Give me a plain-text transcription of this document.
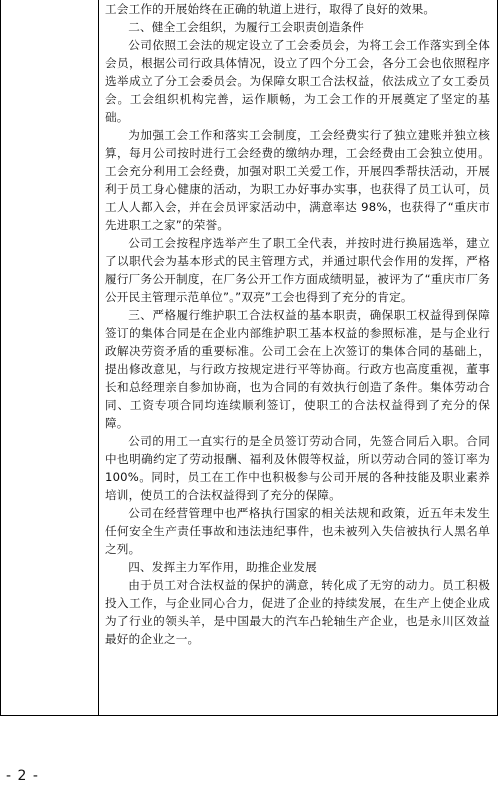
工会工作的开展始终在正确的轨道上进行，取得了良好的效果。

二、健全工会组织，为履行工会职责创造条件

公司依照工会法的规定设立了工会委员会，为将工会工作落实到全体会员，根据公司行政具体情况，设立了四个分工会，各分工会也依照程序选举成立了分工会委员会。为保障女职工合法权益，依法成立了女工委员会。工会组织机构完善，运作顺畅，为工会工作的开展奠定了坚定的基础。

为加强工会工作和落实工会制度，工会经费实行了独立建账并独立核算，每月公司按时进行工会经费的缴纳办理，工会经费由工会独立使用。工会充分利用工会经费，加强对职工关爱工作，开展四季帮扶活动，开展利于员工身心健康的活动，为职工办好事办实事，也获得了员工认可，员工人人都入会，并在会员评家活动中，满意率达 98%，也获得了“重庆市先进职工之家”的荣誉。

公司工会按程序选举产生了职工全代表，并按时进行换届选举，建立了以职代会为基本形式的民主管理方式，并通过职代会作用的发挥，严格履行厂务公开制度，在厂务公开工作方面成绩明显，被评为了“重庆市厂务公开民主管理示范单位”。”双亮”工会也得到了充分的肯定。

三、严格履行维护职工合法权益的基本职责，确保职工权益得到保障签订的集体合同是在企业内部维护职工基本权益的参照标准，是与企业行政解决劳资矛盾的重要标准。公司工会在上次签订的集体合同的基础上，提出修改意见，与行政方按规定进行平等协商。行政方也高度重视，董事长和总经理亲自参加协商，也为合同的有效执行创造了条件。集体劳动合同、工资专项合同均连续顺利签订，使职工的合法权益得到了充分的保障。

公司的用工一直实行的是全员签订劳动合同，先签合同后入职。合同中也明确约定了劳动报酬、福利及休假等权益，所以劳动合同的签订率为 100%。同时，员工在工作中也积极参与公司开展的各种技能及职业素养培训，使员工的合法权益得到了充分的保障。

公司在经营管理中也严格执行国家的相关法规和政策，近五年未发生任何安全生产责任事故和违法违纪事件，也未被列入失信被执行人黑名单之列。

四、发挥主力军作用，助推企业发展

由于员工对合法权益的保护的满意，转化成了无穷的动力。员工积极投入工作，与企业同心合力，促进了企业的持续发展，在生产上使企业成为了行业的领头羊，是中国最大的汽车凸轮轴生产企业，也是永川区效益最好的企业之一。

- 2 -
